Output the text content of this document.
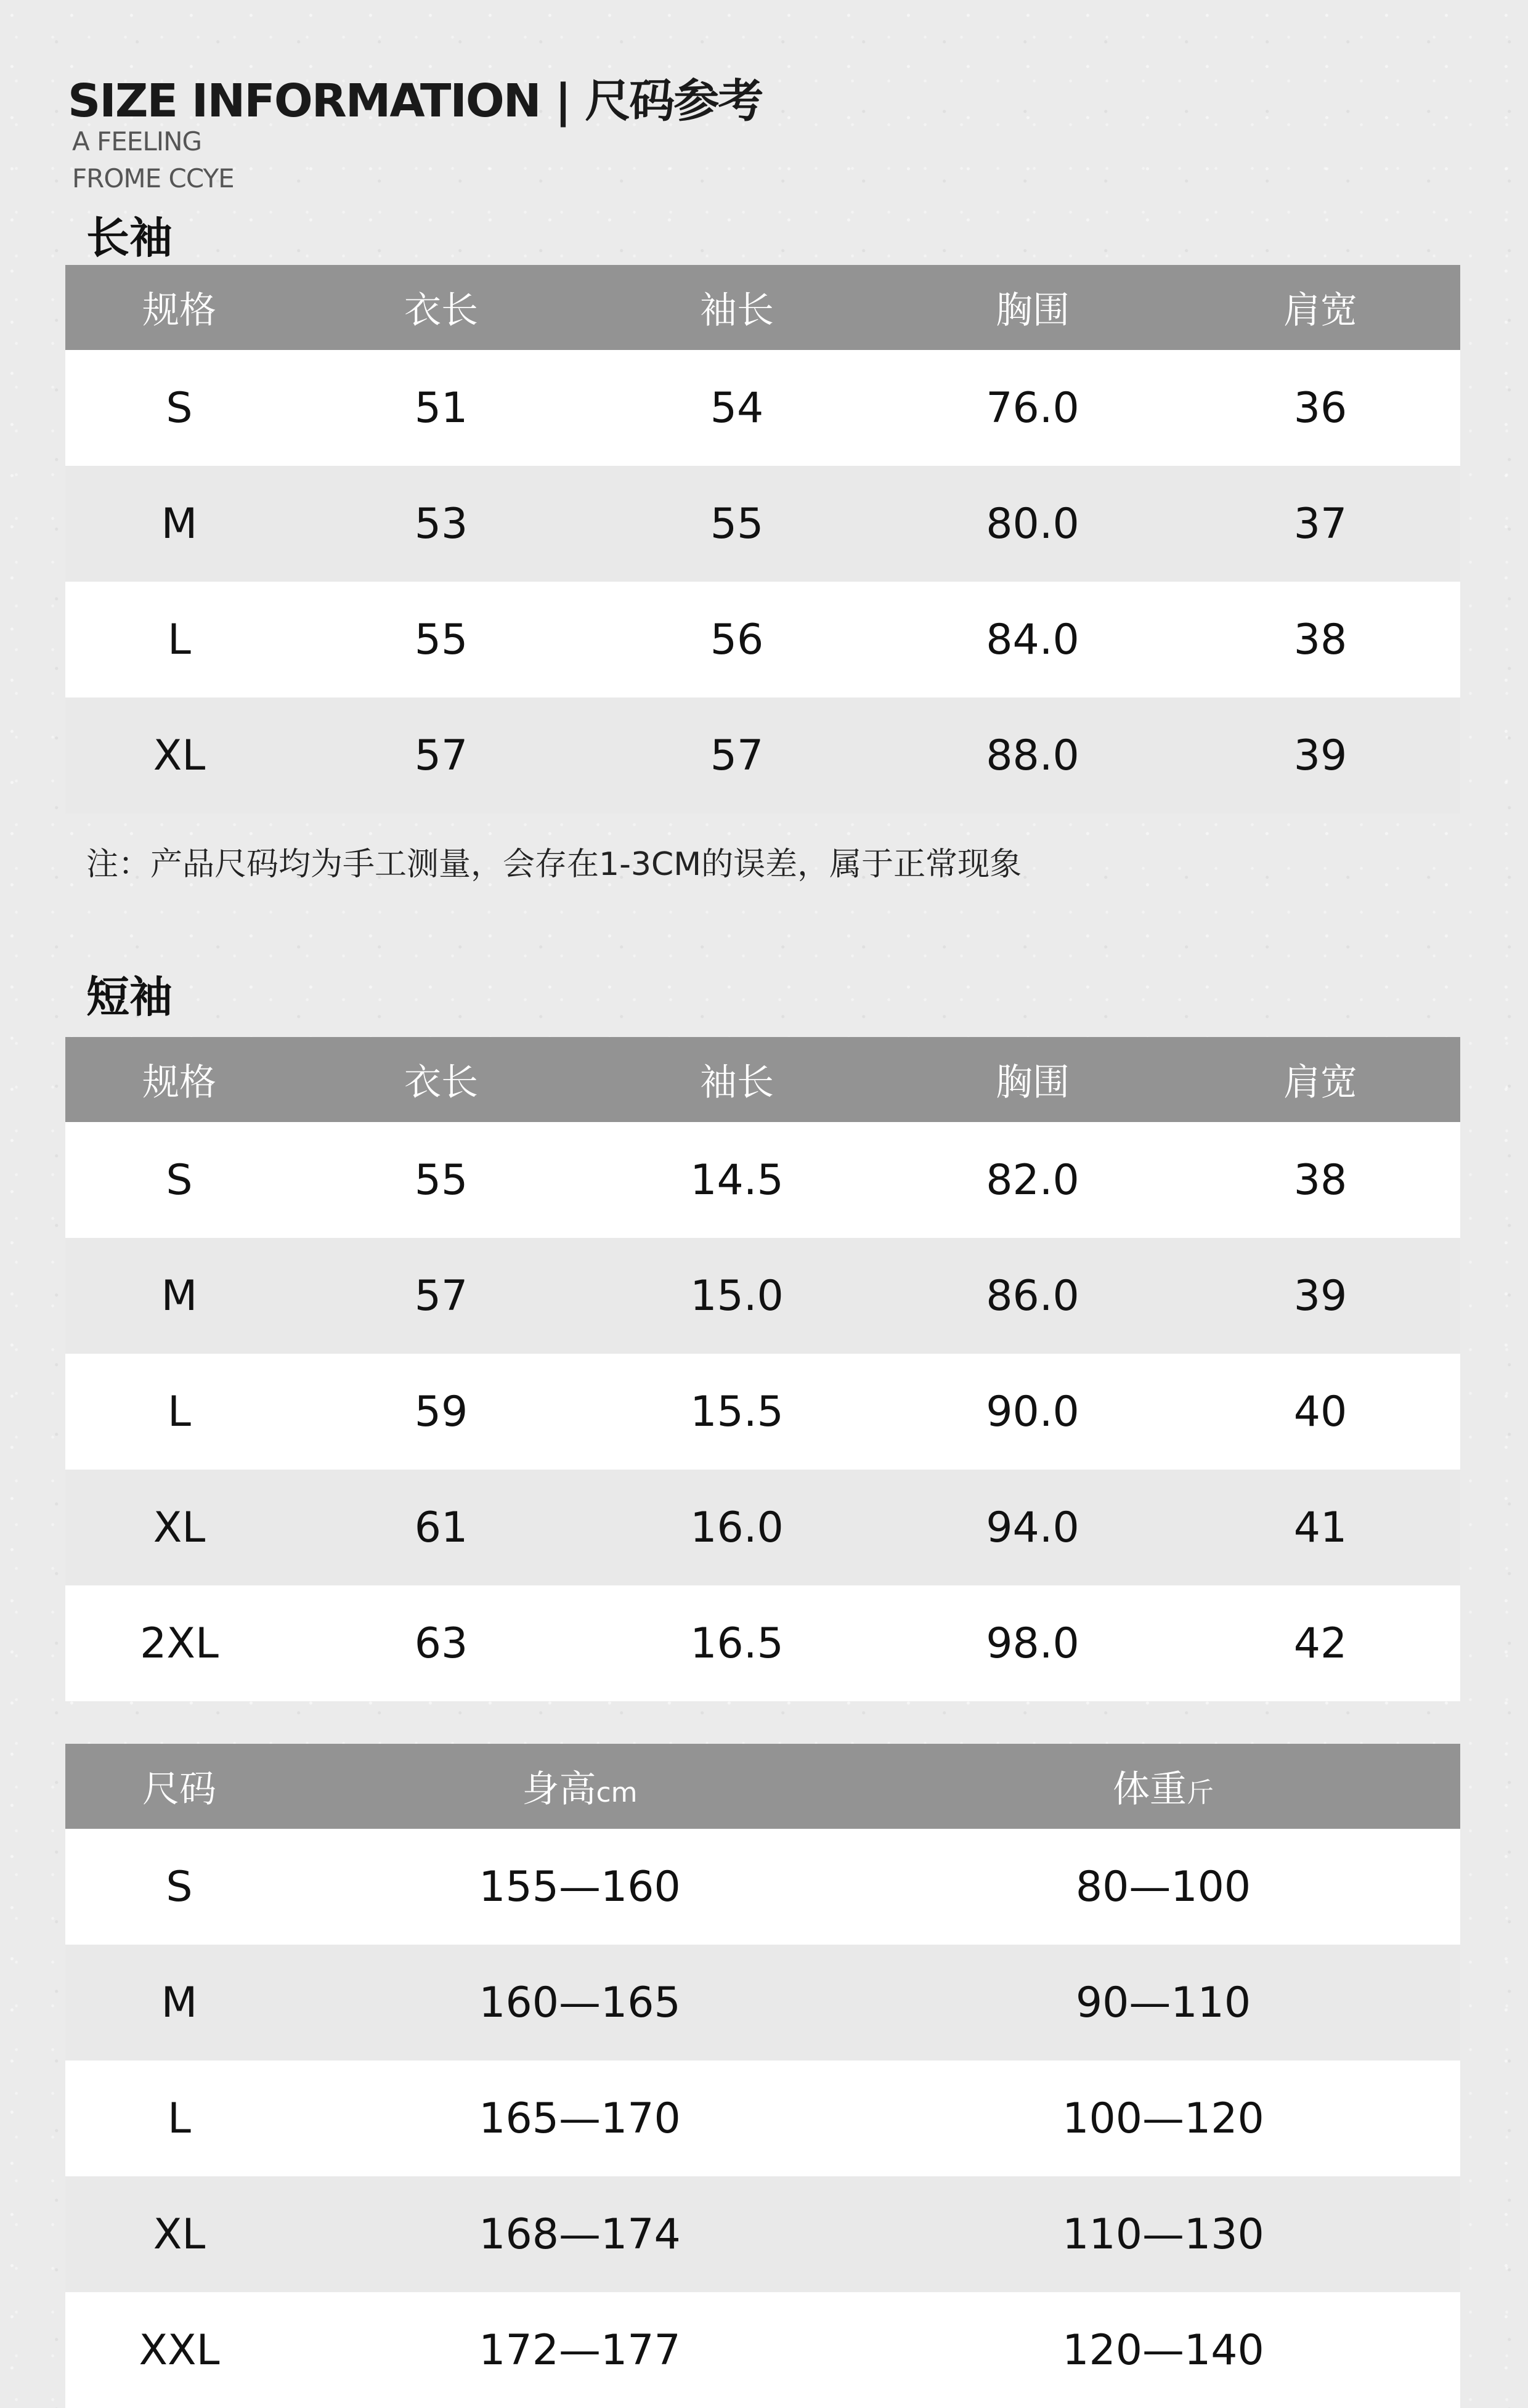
SIZE INFORMATION | 尺码参考
A FEELING
FROME CCYE
长袖
规格	衣长	袖长	胸围	肩宽
S	51	54	76.0	36
M	53	55	80.0	37
L	55	56	84.0	38
XL	57	57	88.0	39
注：产品尺码均为手工测量，会存在1-3CM的误差，属于正常现象
短袖
规格	衣长	袖长	胸围	肩宽
S	55	14.5	82.0	38
M	57	15.0	86.0	39
L	59	15.5	90.0	40
XL	61	16.0	94.0	41
2XL	63	16.5	98.0	42
尺码	身高cm	体重斤
S	155—160	80—100
M	160—165	90—110
L	165—170	100—120
XL	168—174	110—130
XXL	172—177	120—140
